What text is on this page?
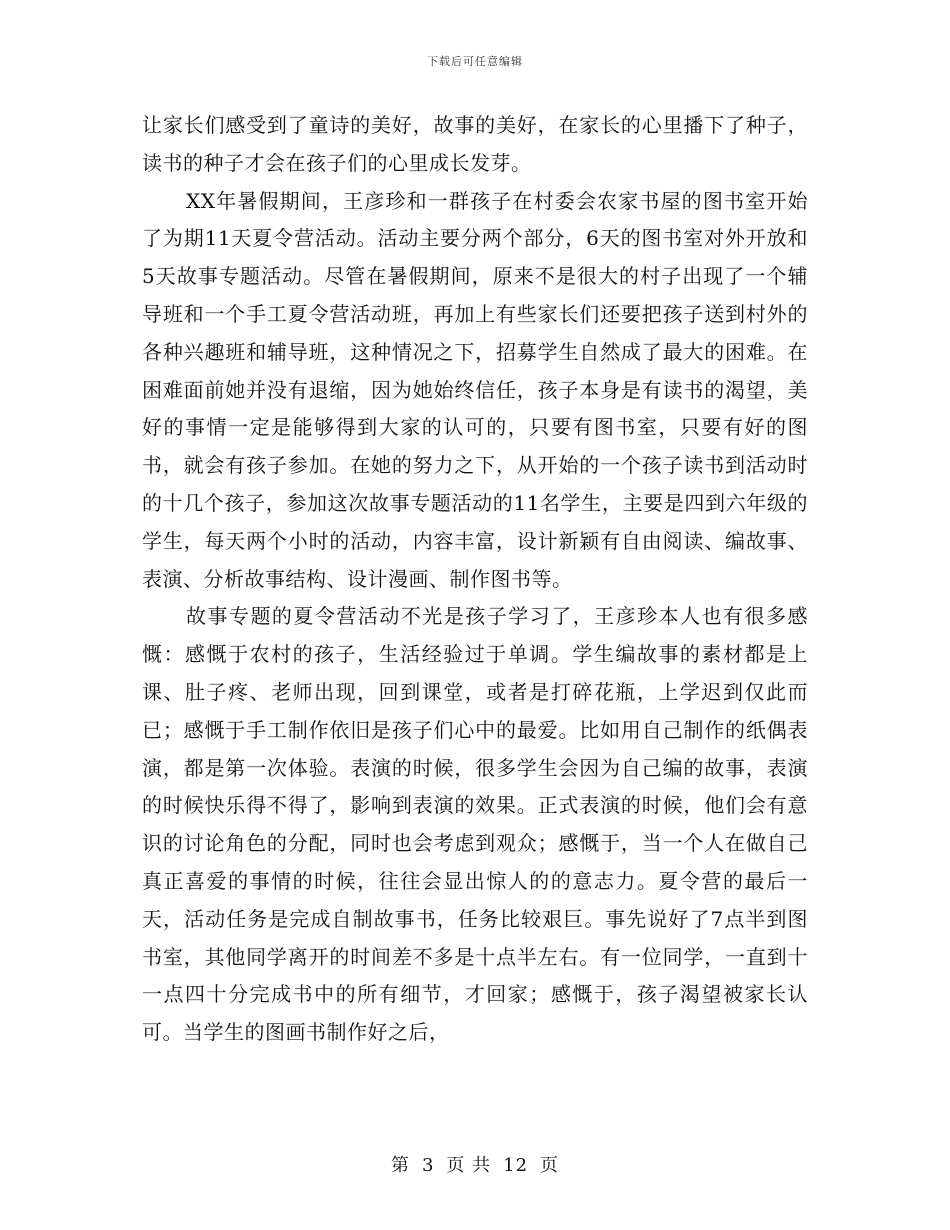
下载后可任意编辑

让家长们感受到了童诗的美好，故事的美好，在家长的心里播下了种子，读书的种子才会在孩子们的心里成长发芽。

XX年暑假期间，王彦珍和一群孩子在村委会农家书屋的图书室开始了为期11天夏令营活动。活动主要分两个部分，6天的图书室对外开放和5天故事专题活动。尽管在暑假期间，原来不是很大的村子出现了一个辅导班和一个手工夏令营活动班，再加上有些家长们还要把孩子送到村外的各种兴趣班和辅导班，这种情况之下，招募学生自然成了最大的困难。在困难面前她并没有退缩，因为她始终信任，孩子本身是有读书的渴望，美好的事情一定是能够得到大家的认可的，只要有图书室，只要有好的图书，就会有孩子参加。在她的努力之下，从开始的一个孩子读书到活动时的十几个孩子，参加这次故事专题活动的11名学生，主要是四到六年级的学生，每天两个小时的活动，内容丰富，设计新颖有自由阅读、编故事、表演、分析故事结构、设计漫画、制作图书等。

故事专题的夏令营活动不光是孩子学习了，王彦珍本人也有很多感慨：感慨于农村的孩子，生活经验过于单调。学生编故事的素材都是上课、肚子疼、老师出现，回到课堂，或者是打碎花瓶，上学迟到仅此而已；感慨于手工制作依旧是孩子们心中的最爱。比如用自己制作的纸偶表演，都是第一次体验。表演的时候，很多学生会因为自己编的故事，表演的时候快乐得不得了，影响到表演的效果。正式表演的时候，他们会有意识的讨论角色的分配，同时也会考虑到观众；感慨于，当一个人在做自己真正喜爱的事情的时候，往往会显出惊人的的意志力。夏令营的最后一天，活动任务是完成自制故事书，任务比较艰巨。事先说好了7点半到图书室，其他同学离开的时间差不多是十点半左右。有一位同学，一直到十一点四十分完成书中的所有细节，才回家；感慨于，孩子渴望被家长认可。当学生的图画书制作好之后，

第 3 页 共 12 页
